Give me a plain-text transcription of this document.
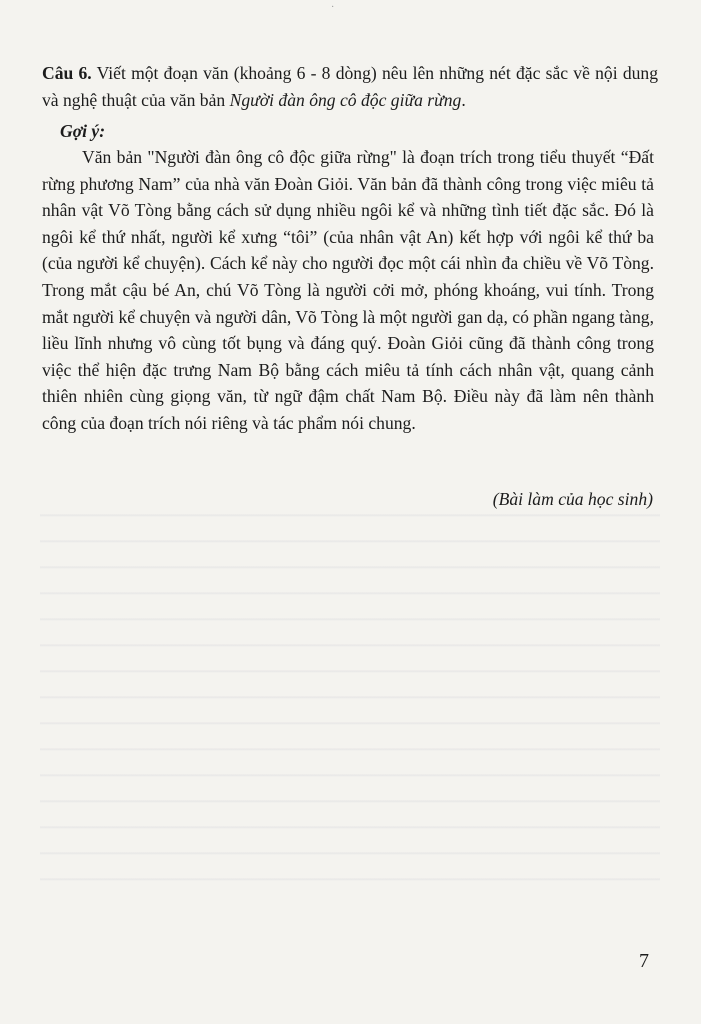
·

Câu 6. Viết một đoạn văn (khoảng 6 - 8 dòng) nêu lên những nét đặc sắc về nội dung và nghệ thuật của văn bản Người đàn ông cô độc giữa rừng.

Gợi ý:

Văn bản "Người đàn ông cô độc giữa rừng" là đoạn trích trong tiểu thuyết “Đất rừng phương Nam” của nhà văn Đoàn Giỏi. Văn bản đã thành công trong việc miêu tả nhân vật Võ Tòng bằng cách sử dụng nhiều ngôi kể và những tình tiết đặc sắc. Đó là ngôi kể thứ nhất, người kể xưng “tôi” (của nhân vật An) kết hợp với ngôi kể thứ ba (của người kể chuyện). Cách kể này cho người đọc một cái nhìn đa chiều về Võ Tòng. Trong mắt cậu bé An, chú Võ Tòng là người cởi mở, phóng khoáng, vui tính. Trong mắt người kể chuyện và người dân, Võ Tòng là một người gan dạ, có phần ngang tàng, liều lĩnh nhưng vô cùng tốt bụng và đáng quý. Đoàn Giỏi cũng đã thành công trong việc thể hiện đặc trưng Nam Bộ bằng cách miêu tả tính cách nhân vật, quang cảnh thiên nhiên cùng giọng văn, từ ngữ đậm chất Nam Bộ. Điều này đã làm nên thành công của đoạn trích nói riêng và tác phẩm nói chung.

(Bài làm của học sinh)
7
